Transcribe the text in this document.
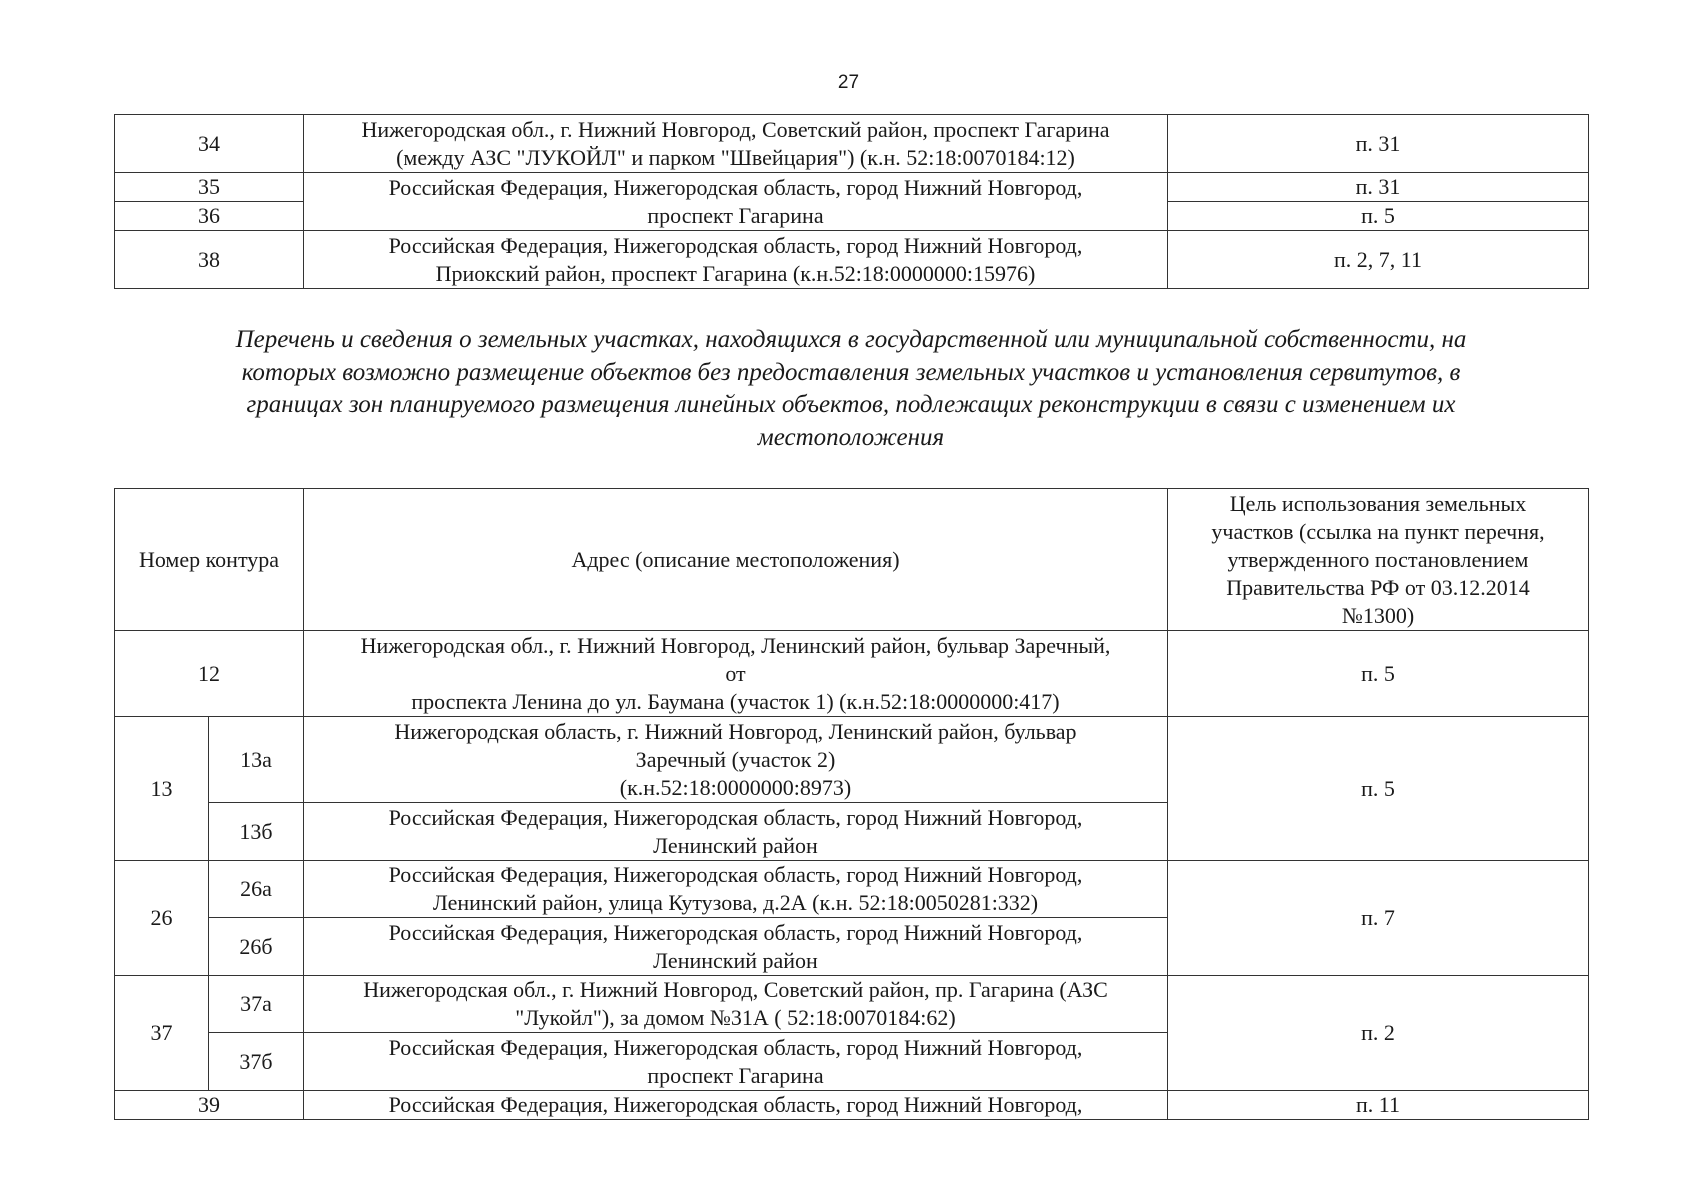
27
34	Нижегородская обл., г. Нижний Новгород, Советский район, проспект Гагарина
(между АЗС "ЛУКОЙЛ" и парком "Швейцария") (к.н. 52:18:0070184:12)	п. 31
35	Российская Федерация, Нижегородская область, город Нижний Новгород,
проспект Гагарина	п. 31
36		п. 5
38	Российская Федерация, Нижегородская область, город Нижний Новгород,
Приокский район, проспект Гагарина (к.н.52:18:0000000:15976)	п. 2, 7, 11
Перечень и сведения о земельных участках, находящихся в государственной или муниципальной собственности, на
которых возможно размещение объектов без предоставления земельных участков и установления сервитутов, в
границах зон планируемого размещения линейных объектов, подлежащих реконструкции в связи с изменением их
местоположения
Номер контура		Адрес (описание местоположения)	Цель использования земельных
участков (ссылка на пункт перечня,
утвержденного постановлением
Правительства РФ от 03.12.2014
№1300)

12		Нижегородская обл., г. Нижний Новгород, Ленинский район, бульвар Заречный,
от
проспекта Ленина до ул. Баумана (участок 1) (к.н.52:18:0000000:417)	п. 5
13	13а	Нижегородская область, г. Нижний Новгород, Ленинский район, бульвар
Заречный (участок 2)
(к.н.52:18:0000000:8973)	п. 5
	13б	Российская Федерация, Нижегородская область, город Нижний Новгород,
Ленинский район	

26	26а	Российская Федерация, Нижегородская область, город Нижний Новгород,
Ленинский район, улица Кутузова, д.2А (к.н. 52:18:0050281:332)	п. 7
	26б	Российская Федерация, Нижегородская область, город Нижний Новгород,
Ленинский район	

37	37а	Нижегородская обл., г. Нижний Новгород, Советский район, пр. Гагарина (АЗС
"Лукойл"), за домом №31А ( 52:18:0070184:62)	п. 2
	37б	Российская Федерация, Нижегородская область, город Нижний Новгород,
проспект Гагарина	

39		Российская Федерация, Нижегородская область, город Нижний Новгород,	п. 11
